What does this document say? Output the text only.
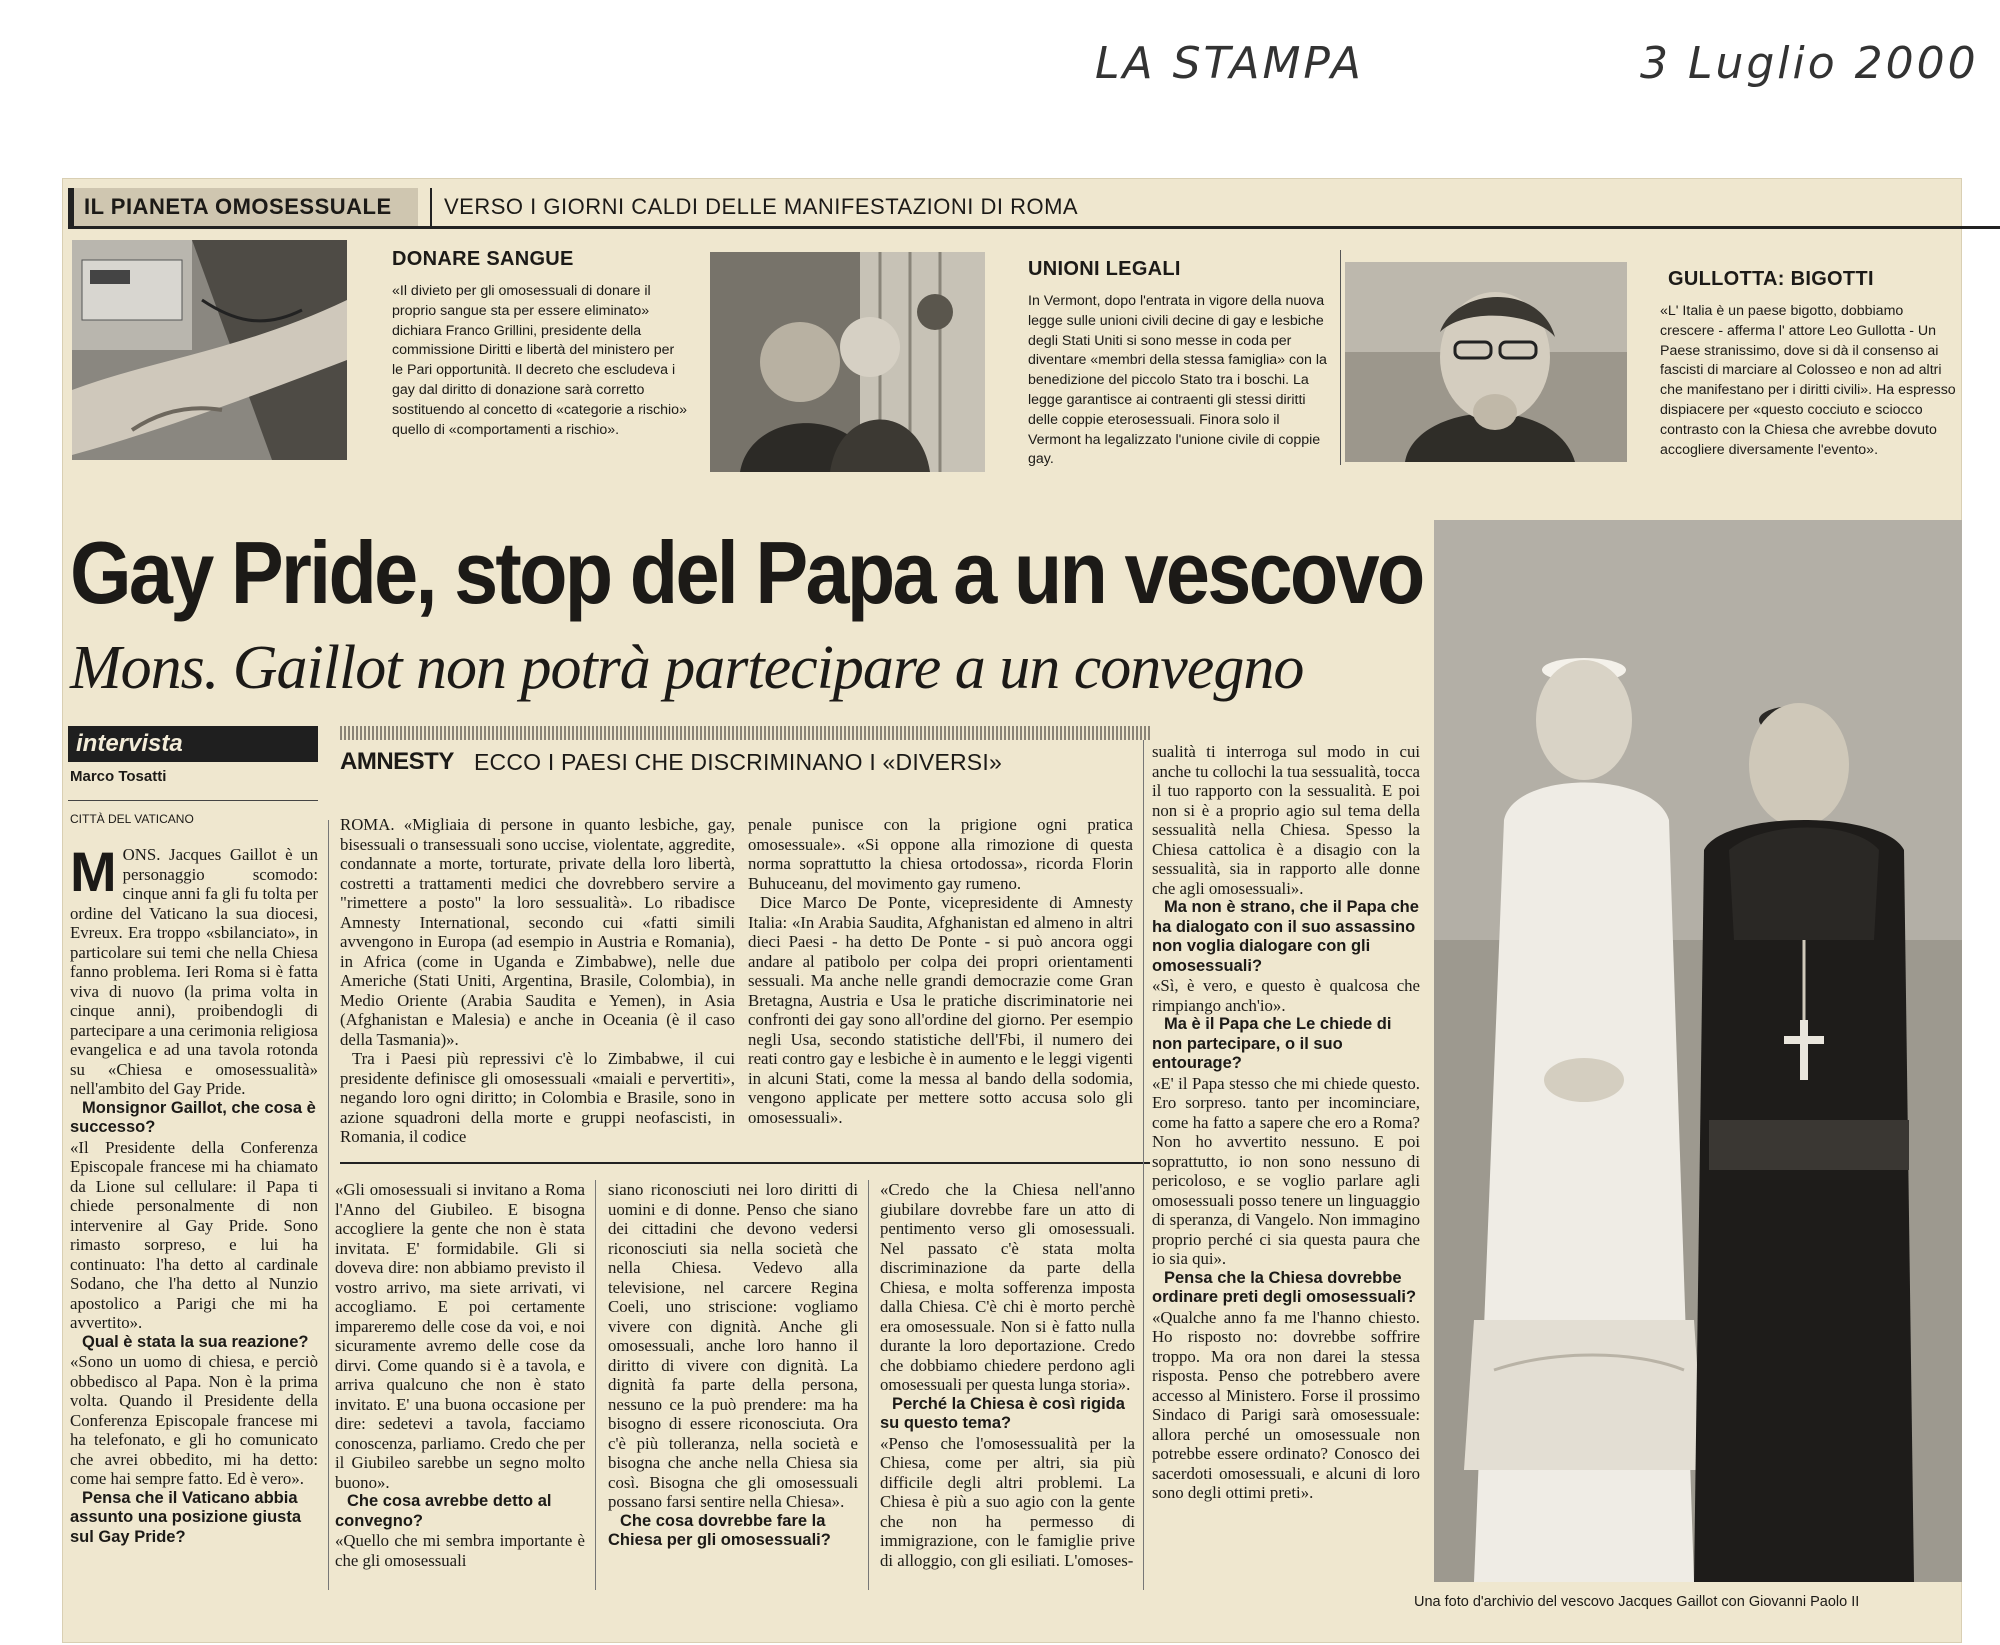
LA STAMPA	3 Luglio 2000
IL PIANETA OMOSESSUALE	VERSO I GIORNI CALDI DELLE MANIFESTAZIONI DI ROMA
DONARE SANGUE

«Il divieto per gli omosessuali di donare il proprio sangue sta per essere eliminato» dichiara Franco Grillini, presidente della commissione Diritti e libertà del ministero per le Pari opportunità. Il decreto che escludeva i gay dal diritto di donazione sarà corretto sostituendo al concetto di «categorie a rischio» quello di «comportamenti a rischio».

UNIONI LEGALI

In Vermont, dopo l'entrata in vigore della nuova legge sulle unioni civili decine di gay e lesbiche degli Stati Uniti si sono messe in coda per diventare «membri della stessa famiglia» con la benedizione del piccolo Stato tra i boschi. La legge garantisce ai contraenti gli stessi diritti delle coppie eterosessuali. Finora solo il Vermont ha legalizzato l'unione civile di coppie gay.

GULLOTTA: BIGOTTI

«L' Italia è un paese bigotto, dobbiamo crescere - afferma l' attore Leo Gullotta - Un Paese stranissimo, dove si dà il consenso ai fascisti di marciare al Colosseo e non ad altri che manifestano per i diritti civili». Ha espresso dispiacere per «questo cocciuto e sciocco contrasto con la Chiesa che avrebbe dovuto accogliere diversamente l'evento».

Gay Pride, stop del Papa a un vescovo
Mons. Gaillot non potrà partecipare a un convegno
intervista
Marco Tosatti
CITTÀ DEL VATICANO
AMNESTY ECCO I PAESI CHE DISCRIMINANO I «DIVERSI»

MONS. Jacques Gaillot è un personaggio scomodo: cinque anni fa gli fu tolta per ordine del Vaticano la sua diocesi, Evreux. Era troppo «sbilanciato», in particolare sui temi che nella Chiesa fanno problema. Ieri Roma si è fatta viva di nuovo (la prima volta in cinque anni), proibendogli di partecipare a una cerimonia religiosa evangelica e ad una tavola rotonda su «Chiesa e omosessualità» nell'ambito del Gay Pride.

Monsignor Gaillot, che cosa è successo?

«Il Presidente della Conferenza Episcopale francese mi ha chiamato da Lione sul cellulare: il Papa ti chiede personalmente di non intervenire al Gay Pride. Sono rimasto sorpreso, e lui ha continuato: l'ha detto al cardinale Sodano, che l'ha detto al Nunzio apostolico a Parigi che mi ha avvertito».

Qual è stata la sua reazione?

«Sono un uomo di chiesa, e perciò obbedisco al Papa. Non è la prima volta. Quando il Presidente della Conferenza Episcopale francese mi ha telefonato, e gli ho comunicato che avrei obbedito, mi ha detto: come hai sempre fatto. Ed è vero».

Pensa che il Vaticano abbia assunto una posizione giusta sul Gay Pride?

ROMA. «Migliaia di persone in quanto lesbiche, gay, bisessuali o transessuali sono uccise, violentate, aggredite, condannate a morte, torturate, private della loro libertà, costretti a trattamenti medici che dovrebbero servire a "rimettere a posto" la loro sessualità». Lo ribadisce Amnesty International, secondo cui «fatti simili avvengono in Europa (ad esempio in Austria e Romania), in Africa (come in Uganda e Zimbabwe), nelle due Americhe (Stati Uniti, Argentina, Brasile, Colombia), in Medio Oriente (Arabia Saudita e Yemen), in Asia (Afghanistan e Malesia) e anche in Oceania (è il caso della Tasmania)».

Tra i Paesi più repressivi c'è lo Zimbabwe, il cui presidente definisce gli omosessuali «maiali e pervertiti», negando loro ogni diritto; in Colombia e Brasile, sono in azione squadroni della morte e gruppi neofascisti, in Romania, il codice

penale punisce con la prigione ogni pratica omosessuale». «Si oppone alla rimozione di questa norma soprattutto la chiesa ortodossa», ricorda Florin Buhuceanu, del movimento gay rumeno.

Dice Marco De Ponte, vicepresidente di Amnesty Italia: «In Arabia Saudita, Afghanistan ed almeno in altri dieci Paesi - ha detto De Ponte - si può ancora oggi andare al patibolo per colpa dei propri orientamenti sessuali. Ma anche nelle grandi democrazie come Gran Bretagna, Austria e Usa le pratiche discriminatorie nei confronti dei gay sono all'ordine del giorno. Per esempio negli Usa, secondo statistiche dell'Fbi, il numero dei reati contro gay e lesbiche è in aumento e le leggi vigenti in alcuni Stati, come la messa al bando della sodomia, vengono applicate per mettere sotto accusa solo gli omosessuali».

«Gli omosessuali si invitano a Roma l'Anno del Giubileo. E bisogna accogliere la gente che non è stata invitata. E' formidabile. Gli si doveva dire: non abbiamo previsto il vostro arrivo, ma siete arrivati, vi accogliamo. E poi certamente impareremo delle cose da voi, e noi sicuramente avremo delle cose da dirvi. Come quando si è a tavola, e arriva qualcuno che non è stato invitato. E' una buona occasione per dire: sedetevi a tavola, facciamo conoscenza, parliamo. Credo che per il Giubileo sarebbe un segno molto buono».

Che cosa avrebbe detto al convegno?

«Quello che mi sembra importante è che gli omosessuali

siano riconosciuti nei loro diritti di uomini e di donne. Penso che siano dei cittadini che devono vedersi riconosciuti sia nella società che nella Chiesa. Vedevo alla televisione, nel carcere Regina Coeli, uno striscione: vogliamo vivere con dignità. Anche gli omosessuali, anche loro hanno il diritto di vivere con dignità. La dignità fa parte della persona, nessuno ce la può prendere: ma ha bisogno di essere riconosciuta. Ora c'è più tolleranza, nella società e bisogna che anche nella Chiesa sia così. Bisogna che gli omosessuali possano farsi sentire nella Chiesa».

Che cosa dovrebbe fare la Chiesa per gli omosessuali?

«Credo che la Chiesa nell'anno giubilare dovrebbe fare un atto di pentimento verso gli omosessuali. Nel passato c'è stata molta discriminazione da parte della Chiesa, e molta sofferenza imposta dalla Chiesa. C'è chi è morto perchè era omosessuale. Non si è fatto nulla durante la loro deportazione. Credo che dobbiamo chiedere perdono agli omosessuali per questa lunga storia».

Perché la Chiesa è così rigida su questo tema?

«Penso che l'omosessualità per la Chiesa, come per altri, sia più difficile degli altri problemi. La Chiesa è più a suo agio con la gente che non ha permesso di immigrazione, con le famiglie prive di alloggio, con gli esiliati. L'omoses-

sualità ti interroga sul modo in cui anche tu collochi la tua sessualità, tocca il tuo rapporto con la sessualità. E poi non si è a proprio agio sul tema della sessualità nella Chiesa. Spesso la Chiesa cattolica è a disagio con la sessualità, sia in rapporto alle donne che agli omosessuali».

Ma non è strano, che il Papa che ha dialogato con il suo assassino non voglia dialogare con gli omosessuali?

«Sì, è vero, e questo è qualcosa che rimpiango anch'io».

Ma è il Papa che Le chiede di non partecipare, o il suo entourage?

«E' il Papa stesso che mi chiede questo. Ero sorpreso. tanto per incominciare, come ha fatto a sapere che ero a Roma? Non ho avvertito nessuno. E poi soprattutto, io non sono nessuno di pericoloso, e se voglio parlare agli omosessuali posso tenere un linguaggio di speranza, di Vangelo. Non immagino proprio perché ci sia questa paura che io sia qui».

Pensa che la Chiesa dovrebbe ordinare preti degli omosessuali?

«Qualche anno fa me l'hanno chiesto. Ho risposto no: dovrebbe soffrire troppo. Ma ora non darei la stessa risposta. Penso che potrebbero avere accesso al Ministero. Forse il prossimo Sindaco di Parigi sarà omosessuale: allora perché un omosessuale non potrebbe essere ordinato? Conosco dei sacerdoti omosessuali, e alcuni di loro sono degli ottimi preti».

Una foto d'archivio del vescovo Jacques Gaillot con Giovanni Paolo II
